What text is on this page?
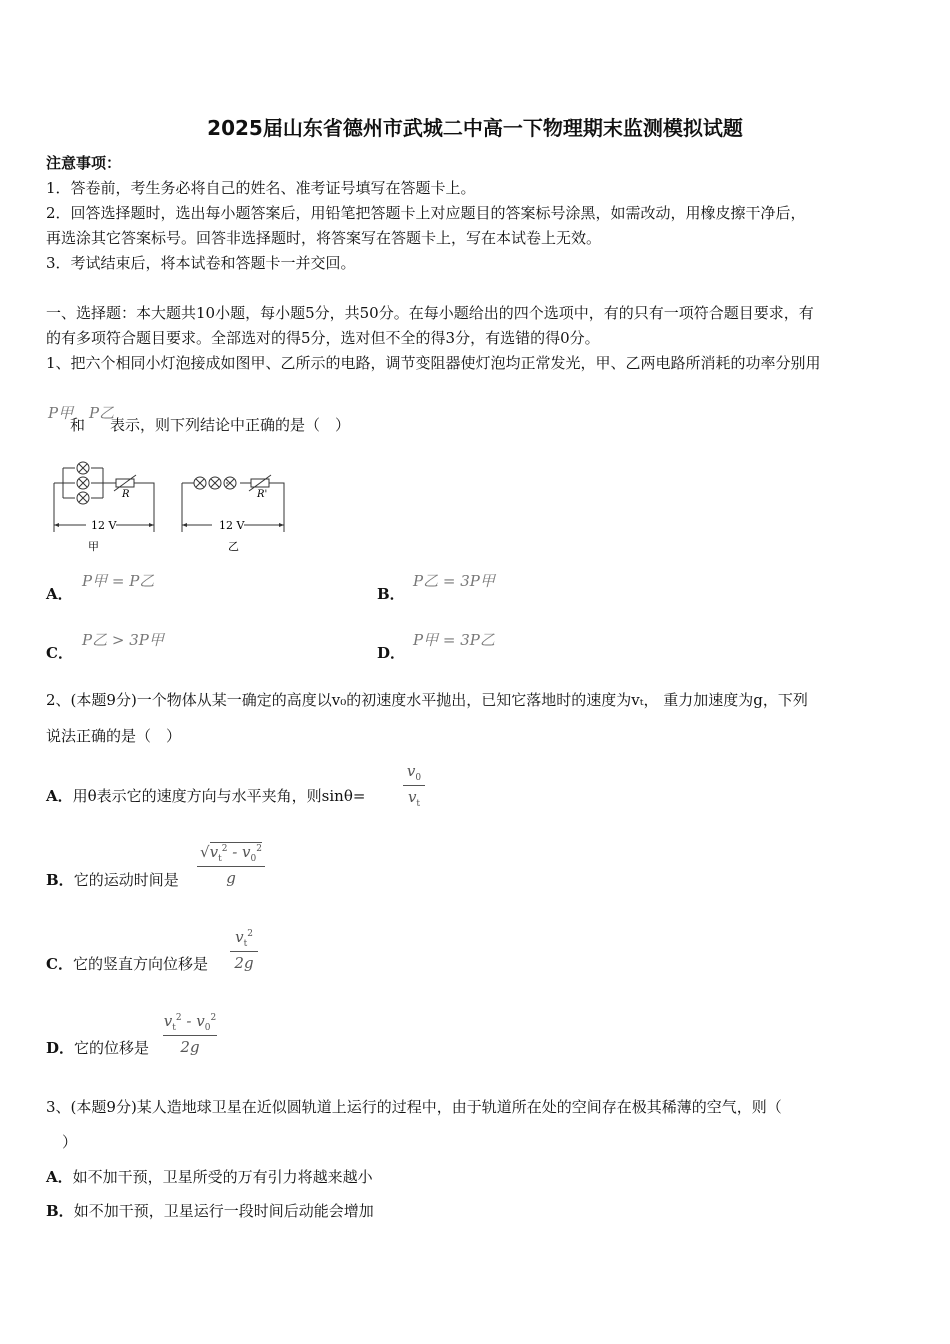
2025届山东省德州市武城二中高一下物理期末监测模拟试题
注意事项：
1．答卷前，考生务必将自己的姓名、准考证号填写在答题卡上。
2．回答选择题时，选出每小题答案后，用铅笔把答题卡上对应题目的答案标号涂黑，如需改动，用橡皮擦干净后，
再选涂其它答案标号。回答非选择题时，将答案写在答题卡上，写在本试卷上无效。
3．考试结束后，将本试卷和答题卡一并交回。
一、选择题：本大题共10小题，每小题5分，共50分。在每小题给出的四个选项中，有的只有一项符合题目要求，有
的有多项符合题目要求。全部选对的得5分，选对但不全的得3分，有选错的得0分。
1、把六个相同小灯泡接成如图甲、乙所示的电路，调节变阻器使灯泡均正常发光，甲、乙两电路所消耗的功率分别用
P甲
和
P乙
表示，则下列结论中正确的是（　）
R	R'
12 V	12 V
甲	乙
A．
P甲 = P乙
B．
P乙 = 3P甲
C．
P乙 > 3P甲
D．
P甲 = 3P乙
2、(本题9分)一个物体从某一确定的高度以v₀的初速度水平抛出，已知它落地时的速度为vₜ， 重力加速度为g，下列
说法正确的是（　）
A．用θ表示它的速度方向与水平夹角，则sinθ=
$v_0$
$v_t$
B．它的运动时间是
$√v_t^2 - v_0^2$
g
C．它的竖直方向位移是
$v_t^2$
2g
D．它的位移是
$v_t^2 - v_0^2$
2g
3、(本题9分)某人造地球卫星在近似圆轨道上运行的过程中，由于轨道所在处的空间存在极其稀薄的空气，则（
）
A．如不加干预，卫星所受的万有引力将越来越小
B．如不加干预，卫星运行一段时间后动能会增加
